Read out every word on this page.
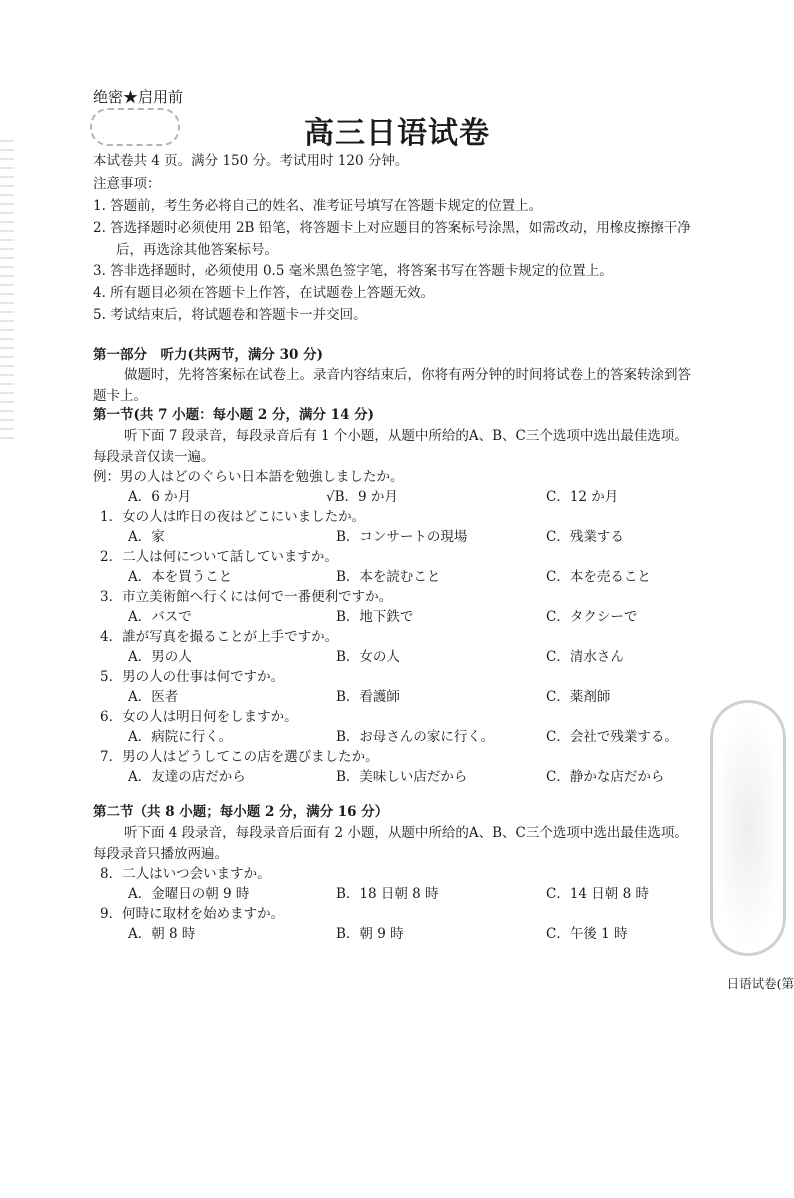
绝密★启用前
高三日语试卷
本试卷共 4 页。满分 150 分。考试用时 120 分钟。
注意事项：
1. 答题前，考生务必将自己的姓名、准考证号填写在答题卡规定的位置上。
2. 答选择题时必须使用 2B 铅笔，将答题卡上对应题目的答案标号涂黑，如需改动，用橡皮擦擦干净
后，再选涂其他答案标号。
3. 答非选择题时，必须使用 0.5 毫米黑色签字笔，将答案书写在答题卡规定的位置上。
4. 所有题目必须在答题卡上作答，在试题卷上答题无效。
5. 考试结束后，将试题卷和答题卡一并交回。
第一部分　听力(共两节，满分 30 分)
做题时，先将答案标在试卷上。录音内容结束后，你将有两分钟的时间将试卷上的答案转涂到答
题卡上。
第一节(共 7 小题：每小题 2 分，满分 14 分)
听下面 7 段录音，每段录音后有 1 个小题，从题中所给的A、B、C三个选项中选出最佳选项。
每段录音仅读一遍。
例：男の人はどのぐらい日本語を勉強しましたか。
A．6 か月	√B．9 か月	C．12 か月
1．女の人は昨日の夜はどこにいましたか。
A．家	B．コンサートの現場	C．残業する
2．二人は何について話していますか。
A．本を買うこと	B．本を読むこと	C．本を売ること
3．市立美術館へ行くには何で一番便利ですか。
A．バスで	B．地下鉄で	C．タクシーで
4．誰が写真を撮ることが上手ですか。
A．男の人	B．女の人	C．清水さん
5．男の人の仕事は何ですか。
A．医者	B．看護師	C．薬剤師
6．女の人は明日何をしますか。
A．病院に行く。	B．お母さんの家に行く。	C．会社で残業する。
7．男の人はどうしてこの店を選びましたか。
A．友達の店だから	B．美味しい店だから	C．静かな店だから
第二节（共 8 小题；每小题 2 分，满分 16 分）
听下面 4 段录音，每段录音后面有 2 小题，从题中所给的A、B、C三个选项中选出最佳选项。
每段录音只播放两遍。
8．二人はいつ会いますか。
A．金曜日の朝 9 時	B．18 日朝 8 時	C．14 日朝 8 時
9．何時に取材を始めますか。
A．朝 8 時	B．朝 9 時	C．午後 1 時
日语试卷(第
